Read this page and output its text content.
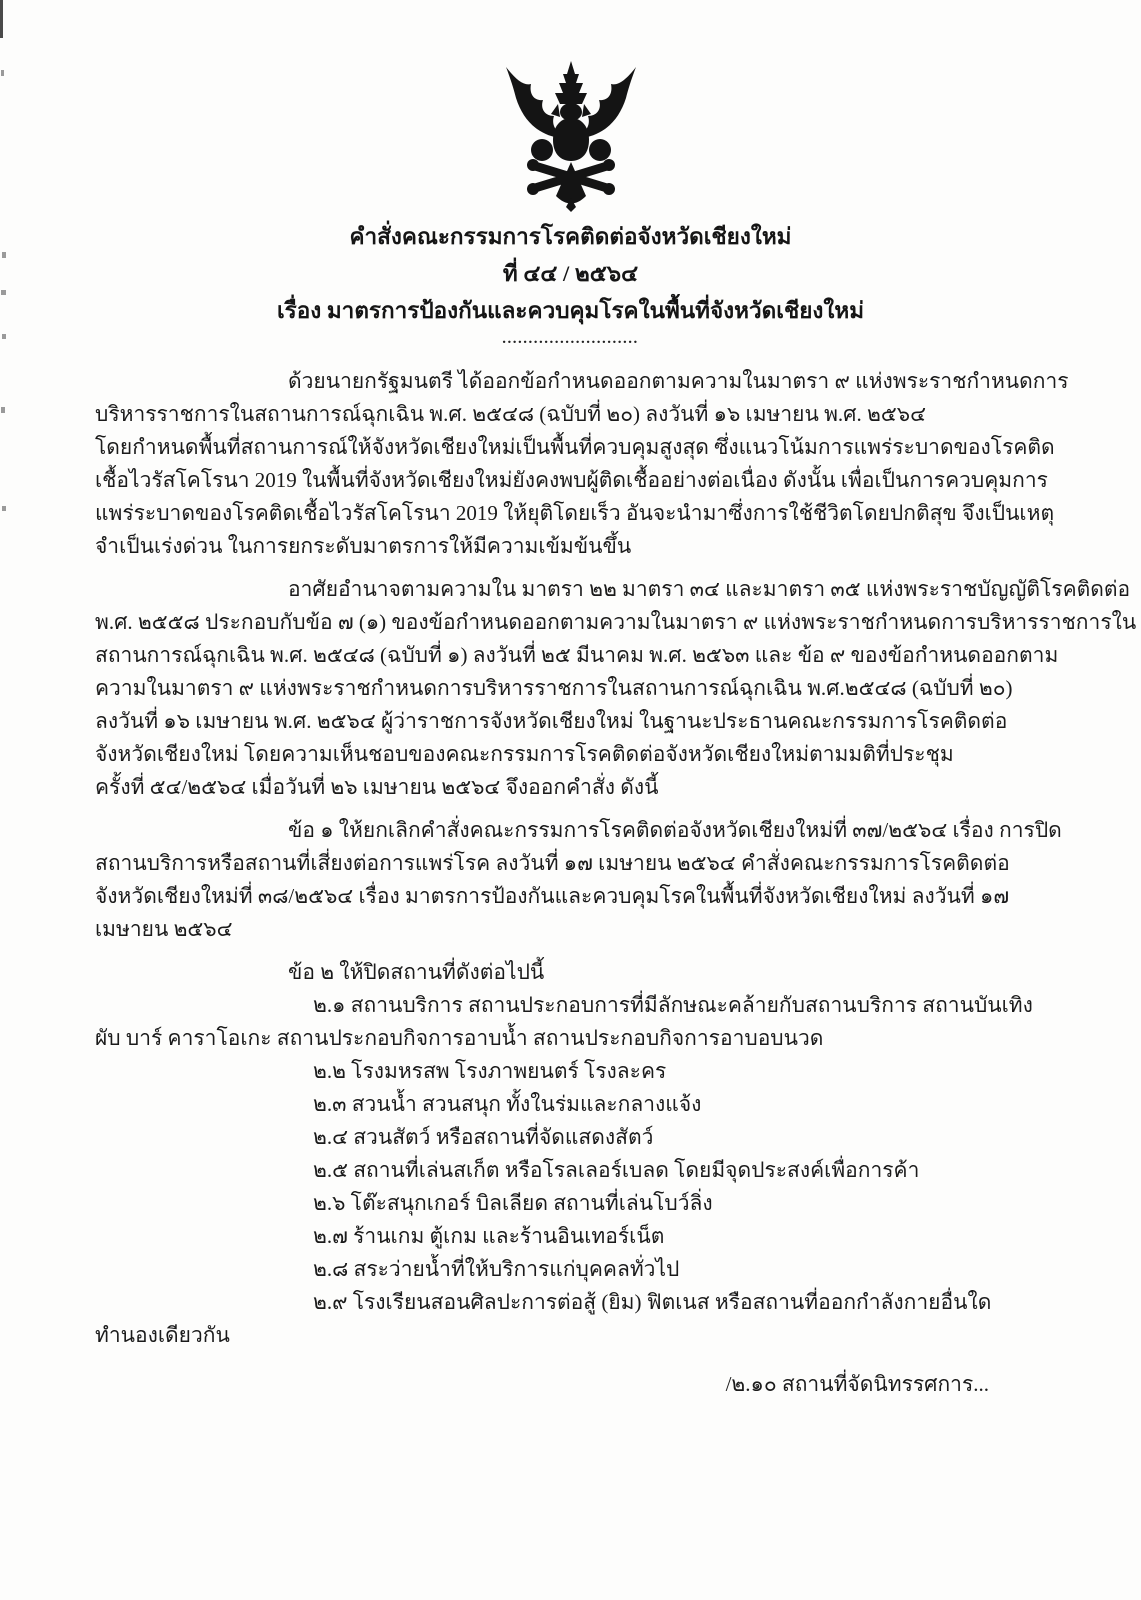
คำสั่งคณะกรรมการโรคติดต่อจังหวัดเชียงใหม่
ที่ ๔๔ / ๒๕๖๔
เรื่อง มาตรการป้องกันและควบคุมโรคในพื้นที่จังหวัดเชียงใหม่
..........................
ด้วยนายกรัฐมนตรี ได้ออกข้อกำหนดออกตามความในมาตรา ๙ แห่งพระราชกำหนดการ
บริหารราชการในสถานการณ์ฉุกเฉิน พ.ศ. ๒๕๔๘ (ฉบับที่ ๒๐) ลงวันที่ ๑๖ เมษายน พ.ศ. ๒๕๖๔
โดยกำหนดพื้นที่สถานการณ์ให้จังหวัดเชียงใหม่เป็นพื้นที่ควบคุมสูงสุด ซึ่งแนวโน้มการแพร่ระบาดของโรคติด
เชื้อไวรัสโคโรนา 2019 ในพื้นที่จังหวัดเชียงใหม่ยังคงพบผู้ติดเชื้ออย่างต่อเนื่อง ดังนั้น เพื่อเป็นการควบคุมการ
แพร่ระบาดของโรคติดเชื้อไวรัสโคโรนา 2019 ให้ยุติโดยเร็ว อันจะนำมาซึ่งการใช้ชีวิตโดยปกติสุข จึงเป็นเหตุ
จำเป็นเร่งด่วน ในการยกระดับมาตรการให้มีความเข้มข้นขึ้น
อาศัยอำนาจตามความใน มาตรา ๒๒ มาตรา ๓๔ และมาตรา ๓๕ แห่งพระราชบัญญัติโรคติดต่อ
พ.ศ. ๒๕๕๘ ประกอบกับข้อ ๗ (๑) ของข้อกำหนดออกตามความในมาตรา ๙ แห่งพระราชกำหนดการบริหารราชการใน
สถานการณ์ฉุกเฉิน พ.ศ. ๒๕๔๘ (ฉบับที่ ๑) ลงวันที่ ๒๕ มีนาคม พ.ศ. ๒๕๖๓ และ ข้อ ๙ ของข้อกำหนดออกตาม
ความในมาตรา ๙ แห่งพระราชกำหนดการบริหารราชการในสถานการณ์ฉุกเฉิน พ.ศ.๒๕๔๘ (ฉบับที่ ๒๐)
ลงวันที่ ๑๖ เมษายน พ.ศ. ๒๕๖๔ ผู้ว่าราชการจังหวัดเชียงใหม่ ในฐานะประธานคณะกรรมการโรคติดต่อ
จังหวัดเชียงใหม่ โดยความเห็นชอบของคณะกรรมการโรคติดต่อจังหวัดเชียงใหม่ตามมติที่ประชุม
ครั้งที่ ๕๔/๒๕๖๔ เมื่อวันที่ ๒๖ เมษายน ๒๕๖๔ จึงออกคำสั่ง ดังนี้
ข้อ ๑ ให้ยกเลิกคำสั่งคณะกรรมการโรคติดต่อจังหวัดเชียงใหม่ที่ ๓๗/๒๕๖๔ เรื่อง การปิด
สถานบริการหรือสถานที่เสี่ยงต่อการแพร่โรค ลงวันที่ ๑๗ เมษายน ๒๕๖๔ คำสั่งคณะกรรมการโรคติดต่อ
จังหวัดเชียงใหม่ที่ ๓๘/๒๕๖๔ เรื่อง มาตรการป้องกันและควบคุมโรคในพื้นที่จังหวัดเชียงใหม่ ลงวันที่ ๑๗
เมษายน ๒๕๖๔
ข้อ ๒ ให้ปิดสถานที่ดังต่อไปนี้
๒.๑ สถานบริการ สถานประกอบการที่มีลักษณะคล้ายกับสถานบริการ สถานบันเทิง
ผับ บาร์ คาราโอเกะ สถานประกอบกิจการอาบน้ำ สถานประกอบกิจการอาบอบนวด
๒.๒ โรงมหรสพ โรงภาพยนตร์ โรงละคร
๒.๓ สวนน้ำ สวนสนุก ทั้งในร่มและกลางแจ้ง
๒.๔ สวนสัตว์ หรือสถานที่จัดแสดงสัตว์
๒.๕ สถานที่เล่นสเก็ต หรือโรลเลอร์เบลด โดยมีจุดประสงค์เพื่อการค้า
๒.๖ โต๊ะสนุกเกอร์ บิลเลียด สถานที่เล่นโบว์ลิ่ง
๒.๗ ร้านเกม ตู้เกม และร้านอินเทอร์เน็ต
๒.๘ สระว่ายน้ำที่ให้บริการแก่บุคคลทั่วไป
๒.๙ โรงเรียนสอนศิลปะการต่อสู้ (ยิม) ฟิตเนส หรือสถานที่ออกกำลังกายอื่นใด
ทำนองเดียวกัน
/๒.๑๐ สถานที่จัดนิทรรศการ...
